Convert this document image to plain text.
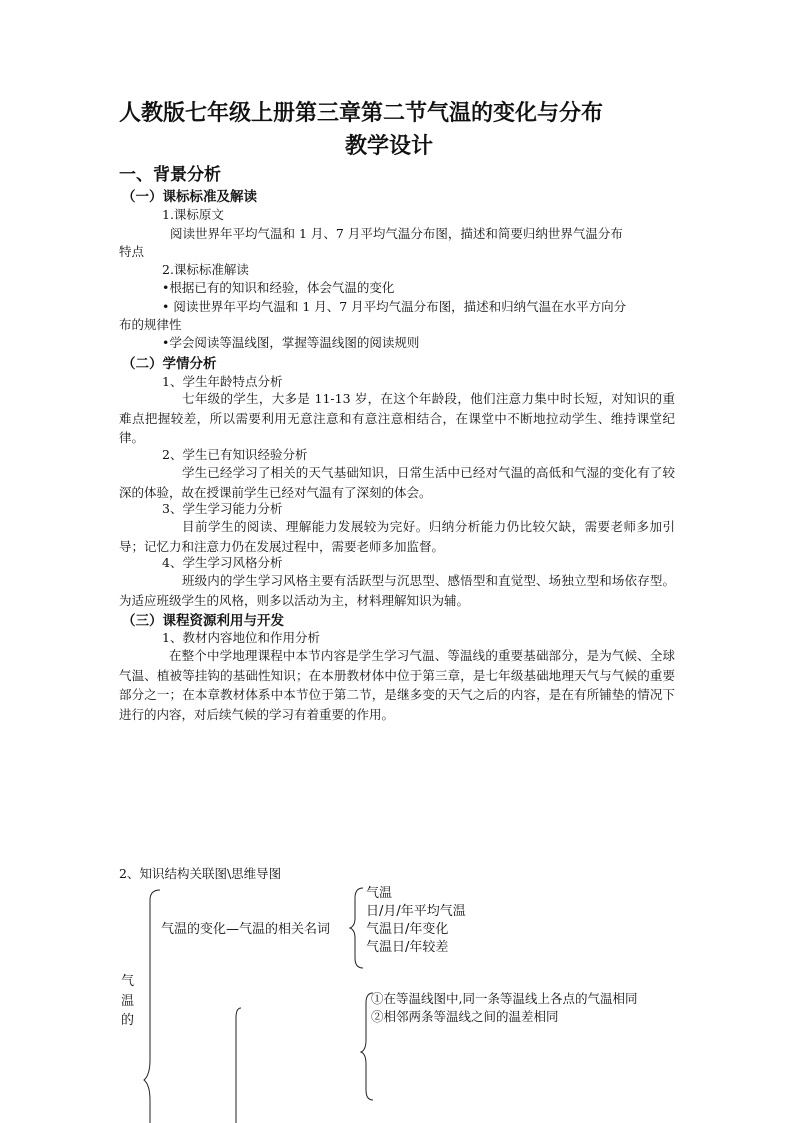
人教版七年级上册第三章第二节气温的变化与分布
教学设计
一、背景分析
（一）课标标准及解读
1.课标原文
阅读世界年平均气温和 1 月、7 月平均气温分布图，描述和简要归纳世界气温分布
特点
2.课标标准解读
•根据已有的知识和经验，体会气温的变化
• 阅读世界年平均气温和 1 月、7 月平均气温分布图，描述和归纳气温在水平方向分
布的规律性
•学会阅读等温线图，掌握等温线图的阅读规则
（二）学情分析
1、学生年龄特点分析
七年级的学生，大多是 11-13 岁，在这个年龄段，他们注意力集中时长短，对知识的重难点把握较差，所以需要利用无意注意和有意注意相结合，在课堂中不断地拉动学生、维持课堂纪律。
2、学生已有知识经验分析
学生已经学习了相关的天气基础知识，日常生活中已经对气温的高低和气湿的变化有了较深的体验，故在授课前学生已经对气温有了深刻的体会。
3、学生学习能力分析
目前学生的阅读、理解能力发展较为完好。归纳分析能力仍比较欠缺，需要老师多加引导；记忆力和注意力仍在发展过程中，需要老师多加监督。
4、学生学习风格分析
班级内的学生学习风格主要有活跃型与沉思型、感悟型和直觉型、场独立型和场依存型。为适应班级学生的风格，则多以活动为主，材料理解知识为辅。
（三）课程资源利用与开发
1、教材内容地位和作用分析
在整个中学地理课程中本节内容是学生学习气温、等温线的重要基础部分，是为气候、全球气温、植被等挂钩的基础性知识；在本册教材体中位于第三章，是七年级基础地理天气与气候的重要部分之一；在本章教材体系中本节位于第二节，是继多变的天气之后的内容，是在有所铺垫的情况下进行的内容，对后续气候的学习有着重要的作用。
2、知识结构关联图\思维导图
气
温
的
气温的变化—气温的相关名词
气温
日/月/年平均气温
气温日/年变化
气温日/年较差
①在等温线图中,同一条等温线上各点的气温相同
②相邻两条等温线之间的温差相同
